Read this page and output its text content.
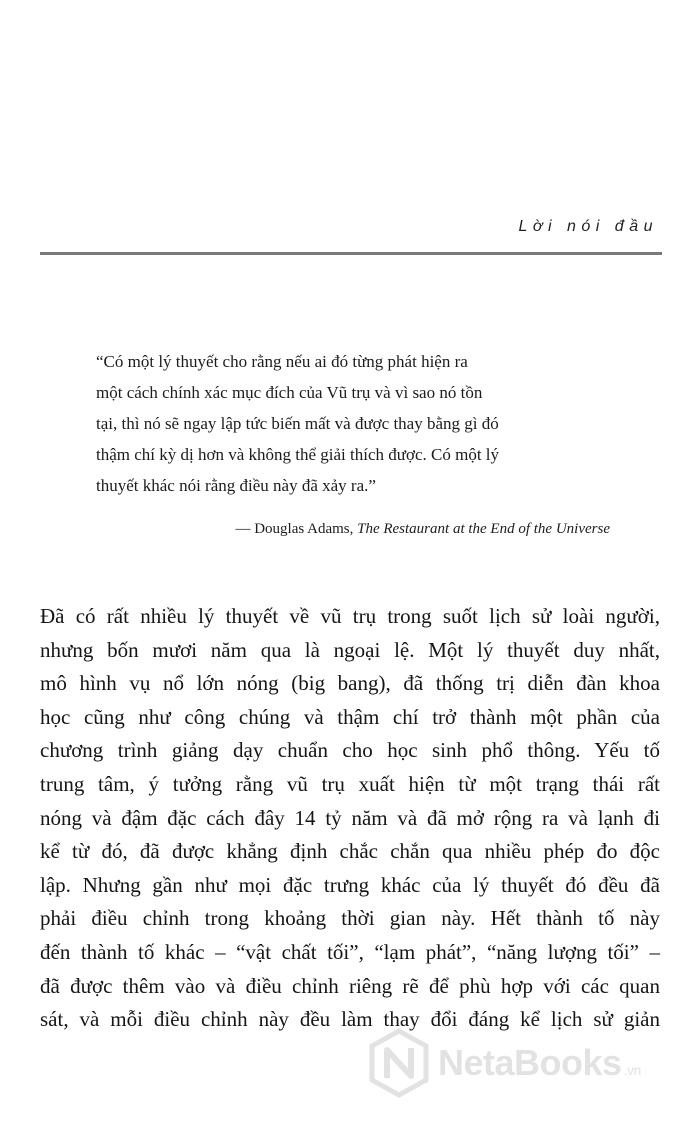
Lời nói đầu
“Có một lý thuyết cho rằng nếu ai đó từng phát hiện ra
một cách chính xác mục đích của Vũ trụ và vì sao nó tồn
tại, thì nó sẽ ngay lập tức biến mất và được thay bằng gì đó
thậm chí kỳ dị hơn và không thể giải thích được. Có một lý
thuyết khác nói rằng điều này đã xảy ra.”
— Douglas Adams, The Restaurant at the End of the Universe
Đã có rất nhiều lý thuyết về vũ trụ trong suốt lịch sử loài người,
nhưng bốn mươi năm qua là ngoại lệ. Một lý thuyết duy nhất,
mô hình vụ nổ lớn nóng (big bang), đã thống trị diễn đàn khoa
học cũng như công chúng và thậm chí trở thành một phần của
chương trình giảng dạy chuẩn cho học sinh phổ thông. Yếu tố
trung tâm, ý tưởng rằng vũ trụ xuất hiện từ một trạng thái rất
nóng và đậm đặc cách đây 14 tỷ năm và đã mở rộng ra và lạnh đi
kể từ đó, đã được khẳng định chắc chắn qua nhiều phép đo độc
lập. Nhưng gần như mọi đặc trưng khác của lý thuyết đó đều đã
phải điều chỉnh trong khoảng thời gian này. Hết thành tố này
đến thành tố khác – “vật chất tối”, “lạm phát”, “năng lượng tối” –
đã được thêm vào và điều chỉnh riêng rẽ để phù hợp với các quan
sát, và mỗi điều chỉnh này đều làm thay đổi đáng kể lịch sử giản
NetaBooks .vn
